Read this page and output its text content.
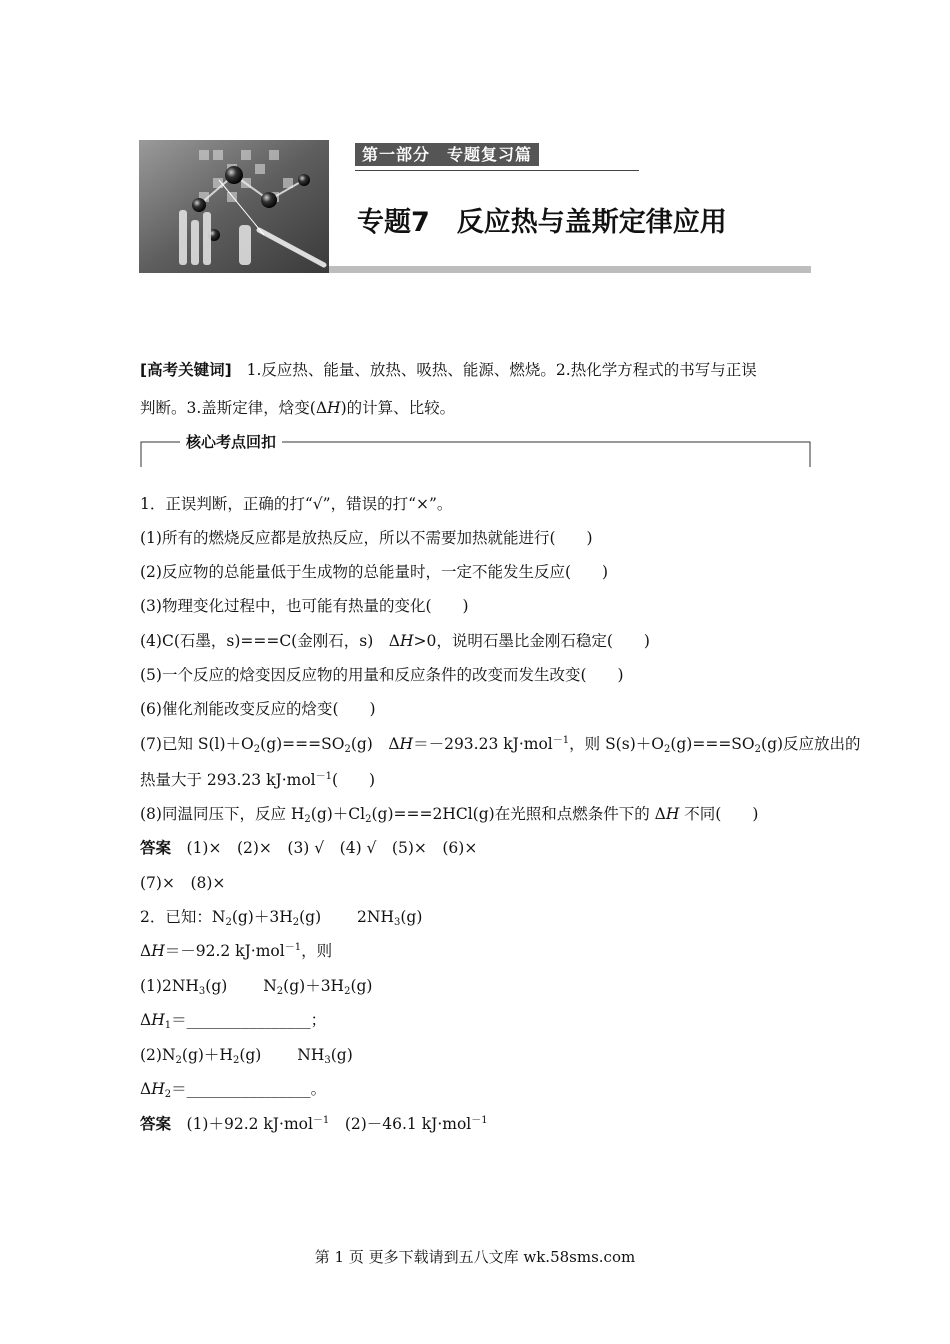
第一部分　专题复习篇
专题7　反应热与盖斯定律应用
[高考关键词] 1.反应热、能量、放热、吸热、能源、燃烧。2.热化学方程式的书写与正误
判断。3.盖斯定律，焓变(ΔH)的计算、比较。
核心考点回扣
1．正误判断，正确的打“√”，错误的打“×”。
(1)所有的燃烧反应都是放热反应，所以不需要加热就能进行(　　)
(2)反应物的总能量低于生成物的总能量时，一定不能发生反应(　　)
(3)物理变化过程中，也可能有热量的变化(　　)
(4)C(石墨，s)===C(金刚石，s)　ΔH>0，说明石墨比金刚石稳定(　　)
(5)一个反应的焓变因反应物的用量和反应条件的改变而发生改变(　　)
(6)催化剂能改变反应的焓变(　　)
(7)已知 $S(l)+O_2(g)===SO_2(g)$　ΔH＝－293.23 kJ·mol$^{-1}$，则 $S(s)+O_2(g)===SO_2(g)$反应放出的
热量大于 293.23 kJ·mol$^{-1}$(　　)
(8)同温同压下，反应 $H_2(g)+Cl_2(g)===2HCl(g)$在光照和点燃条件下的 ΔH 不同(　　)
答案　(1)×　(2)×　(3) √　(4) √　(5)×　(6)×
(7)×　(8)×
2．已知：$N_2(g)+3H_2(g)$　　 $2NH_3(g)$
ΔH＝－92.2 kJ·mol$^{-1}$，则
$(1)2NH_3(g)$　　 $N_2(g)+3H_2(g)$
$\Delta H_1=\_\_\_\_\_\_\_\_\_\_\_\_\_\_\_\_$；
$(2)N_2(g)+H_2(g)$　　 $NH_3(g)$
$\Delta H_2=\_\_\_\_\_\_\_\_\_\_\_\_\_\_\_\_$。
答案　(1)＋92.2 kJ·mol$^{-1}$　(2)－46.1 kJ·mol$^{-1}$
第 1 页 更多下载请到五八文库 wk.58sms.com
